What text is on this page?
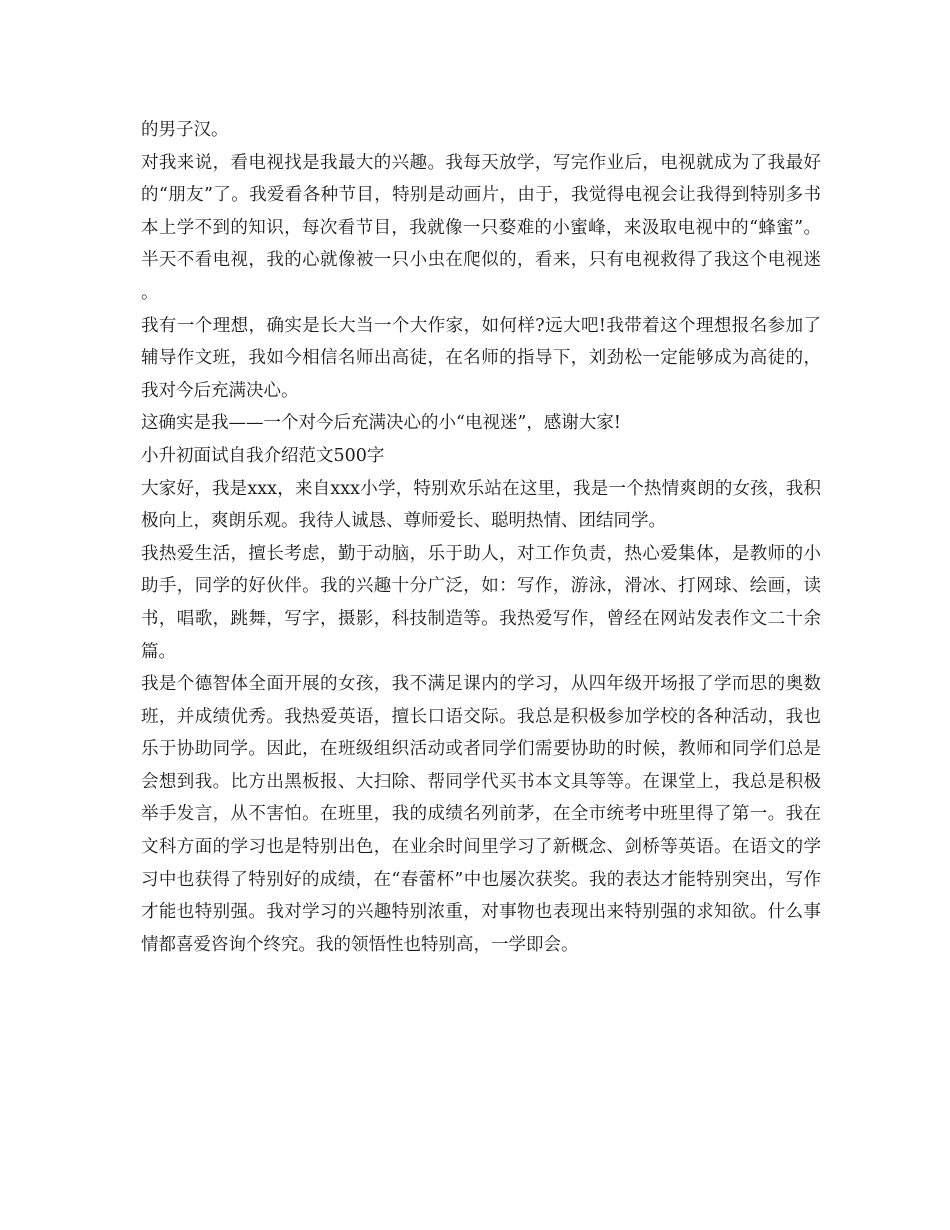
的男子汉。

对我来说，看电视找是我最大的兴趣。我每天放学，写完作业后，电视就成为了我最好的“朋友”了。我爱看各种节目，特别是动画片，由于，我觉得电视会让我得到特别多书本上学不到的知识，每次看节目，我就像一只婺难的小蜜峰，来汲取电视中的“蜂蜜”。半天不看电视，我的心就像被一只小虫在爬似的，看来，只有电视救得了我这个电视迷。

我有一个理想，确实是长大当一个大作家，如何样?远大吧!我带着这个理想报名参加了辅导作文班，我如今相信名师出高徒，在名师的指导下，刘劲松一定能够成为高徒的，我对今后充满决心。

这确实是我——一个对今后充满决心的小“电视迷”，感谢大家!

小升初面试自我介绍范文500字

大家好，我是xxx，来自xxx小学，特别欢乐站在这里，我是一个热情爽朗的女孩，我积极向上，爽朗乐观。我待人诚恳、尊师爱长、聪明热情、团结同学。

我热爱生活，擅长考虑，勤于动脑，乐于助人，对工作负责，热心爱集体，是教师的小助手，同学的好伙伴。我的兴趣十分广泛，如：写作，游泳，滑冰、打网球、绘画，读书，唱歌，跳舞，写字，摄影，科技制造等。我热爱写作，曾经在网站发表作文二十余篇。

我是个德智体全面开展的女孩，我不满足课内的学习，从四年级开场报了学而思的奥数班，并成绩优秀。我热爱英语，擅长口语交际。我总是积极参加学校的各种活动，我也乐于协助同学。因此，在班级组织活动或者同学们需要协助的时候，教师和同学们总是会想到我。比方出黑板报、大扫除、帮同学代买书本文具等等。在课堂上，我总是积极举手发言，从不害怕。在班里，我的成绩名列前茅，在全市统考中班里得了第一。我在文科方面的学习也是特别出色，在业余时间里学习了新概念、剑桥等英语。在语文的学习中也获得了特别好的成绩，在“春蕾杯”中也屡次获奖。我的表达才能特别突出，写作才能也特别强。我对学习的兴趣特别浓重，对事物也表现出来特别强的求知欲。什么事情都喜爱咨询个终究。我的领悟性也特别高，一学即会。
